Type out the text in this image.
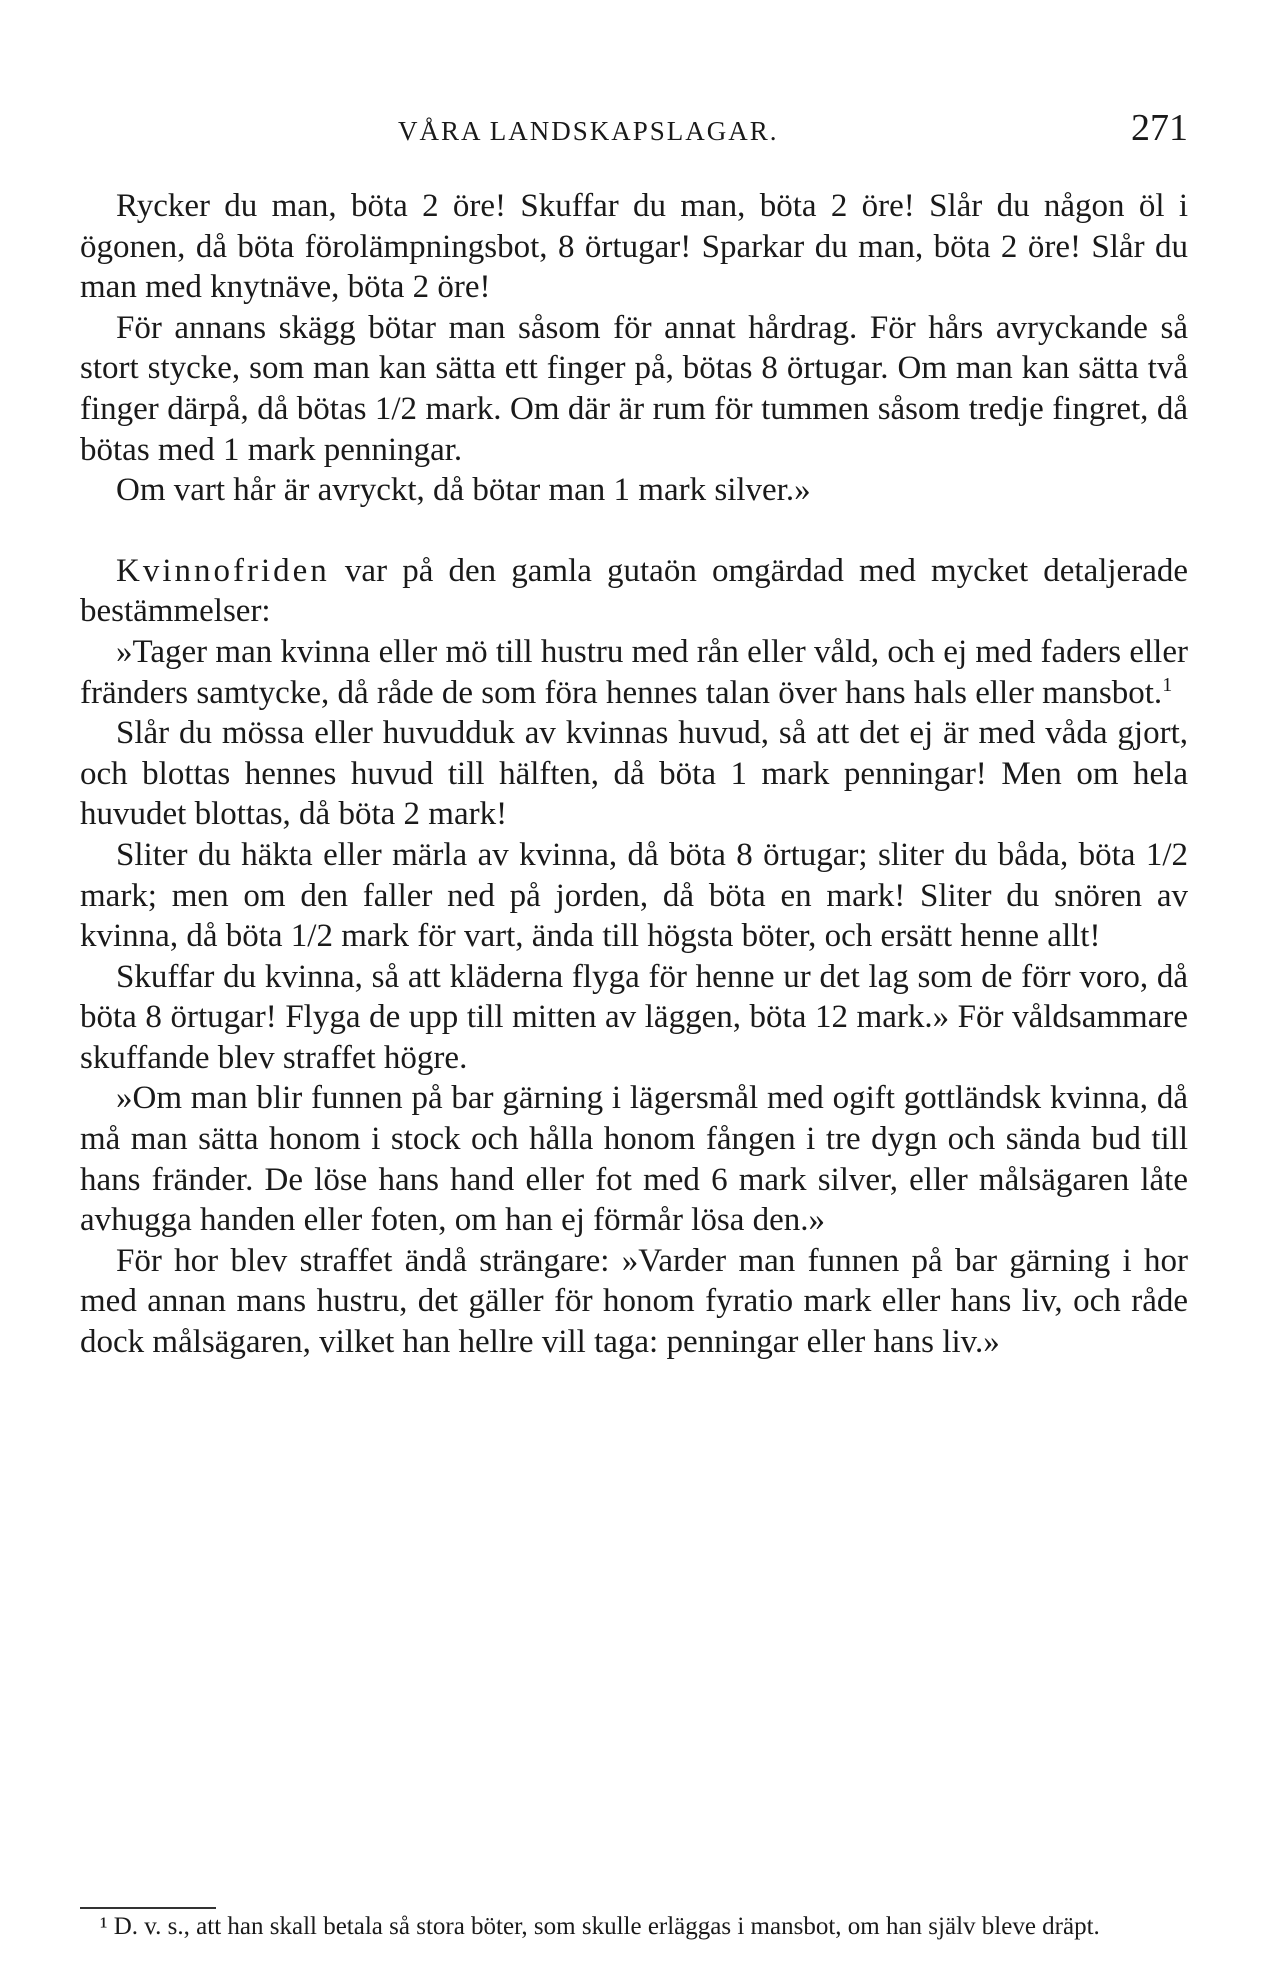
VÅRA LANDSKAPSLAGAR.	271

Rycker du man, böta 2 öre! Skuffar du man, böta 2 öre! Slår du någon öl i ögonen, då böta förolämpningsbot, 8 örtugar! Sparkar du man, böta 2 öre! Slår du man med knytnäve, böta 2 öre!

För annans skägg bötar man såsom för annat hårdrag. För hårs avryckande så stort stycke, som man kan sätta ett finger på, bötas 8 örtugar. Om man kan sätta två finger därpå, då bötas 1/2 mark. Om där är rum för tummen såsom tredje fingret, då bötas med 1 mark penningar.

Om vart hår är avryckt, då bötar man 1 mark silver.»

Kvinnofriden var på den gamla gutaön omgärdad med mycket detaljerade bestämmelser:

»Tager man kvinna eller mö till hustru med rån eller våld, och ej med faders eller fränders samtycke, då råde de som föra hennes talan över hans hals eller mansbot.$^1$

Slår du mössa eller huvudduk av kvinnas huvud, så att det ej är med våda gjort, och blottas hennes huvud till hälften, då böta 1 mark penningar! Men om hela huvudet blottas, då böta 2 mark!

Sliter du häkta eller märla av kvinna, då böta 8 örtugar; sliter du båda, böta 1/2 mark; men om den faller ned på jorden, då böta en mark! Sliter du snören av kvinna, då böta 1/2 mark för vart, ända till högsta böter, och ersätt henne allt!

Skuffar du kvinna, så att kläderna flyga för henne ur det lag som de förr voro, då böta 8 örtugar! Flyga de upp till mitten av läggen, böta 12 mark.» För våldsammare skuffande blev straffet högre.

»Om man blir funnen på bar gärning i lägersmål med ogift gottländsk kvinna, då må man sätta honom i stock och hålla honom fången i tre dygn och sända bud till hans fränder. De löse hans hand eller fot med 6 mark silver, eller målsägaren låte avhugga handen eller foten, om han ej förmår lösa den.»

För hor blev straffet ändå strängare: »Varder man funnen på bar gärning i hor med annan mans hustru, det gäller för honom fyratio mark eller hans liv, och råde dock målsägaren, vilket han hellre vill taga: penningar eller hans liv.»

¹ D. v. s., att han skall betala så stora böter, som skulle erläggas i mansbot, om han själv bleve dräpt.
